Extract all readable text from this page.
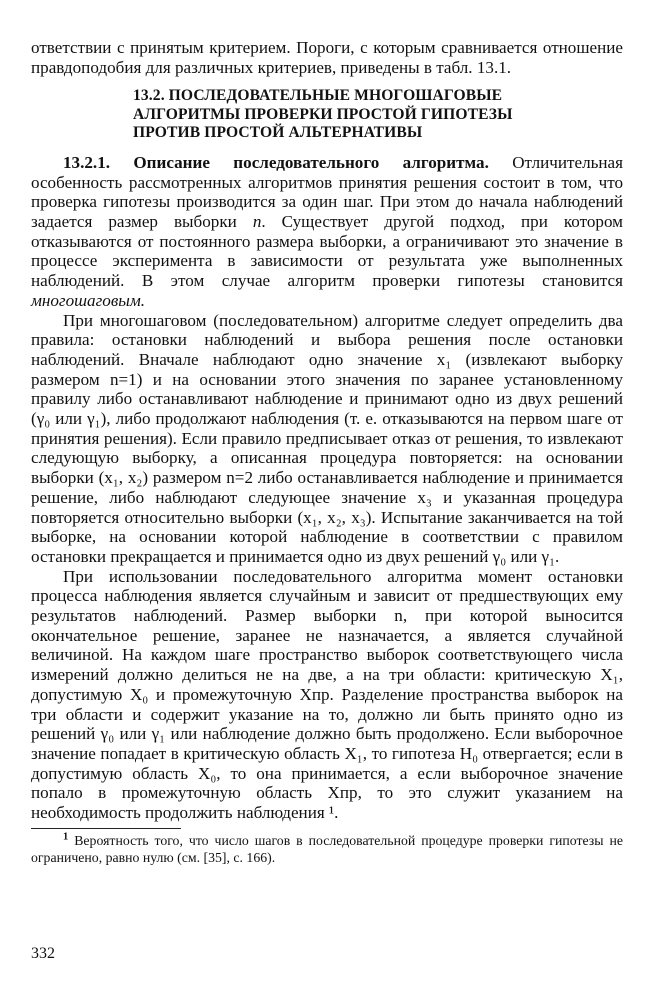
ответствии с принятым критерием. Пороги, с которым сравнивается отношение правдоподобия для различных критериев, приведены в табл. 13.1.

13.2. ПОСЛЕДОВАТЕЛЬНЫЕ МНОГОШАГОВЫЕ
АЛГОРИТМЫ ПРОВЕРКИ ПРОСТОЙ ГИПОТЕЗЫ
ПРОТИВ ПРОСТОЙ АЛЬТЕРНАТИВЫ

13.2.1. Описание последовательного алгоритма. Отличительная особенность рассмотренных алгоритмов принятия решения состоит в том, что проверка гипотезы производится за один шаг. При этом до начала наблюдений задается размер выборки n. Существует другой подход, при котором отказываются от постоянного размера выборки, а ограничивают это значение в процессе эксперимента в зависимости от результата уже выполненных наблюдений. В этом случае алгоритм проверки гипотезы становится многошаговым.

При многошаговом (последовательном) алгоритме следует определить два правила: остановки наблюдений и выбора решения после остановки наблюдений. Вначале наблюдают одно значение x₁ (извлекают выборку размером n=1) и на основании этого значения по заранее установленному правилу либо останавливают наблюдение и принимают одно из двух решений (γ₀ или γ₁), либо продолжают наблюдения (т. е. отказываются на первом шаге от принятия решения). Если правило предписывает отказ от решения, то извлекают следующую выборку, а описанная процедура повторяется: на основании выборки (x₁, x₂) размером n=2 либо останавливается наблюдение и принимается решение, либо наблюдают следующее значение x₃ и указанная процедура повторяется относительно выборки (x₁, x₂, x₃). Испытание заканчивается на той выборке, на основании которой наблюдение в соответствии с правилом остановки прекращается и принимается одно из двух решений γ₀ или γ₁.

При использовании последовательного алгоритма момент остановки процесса наблюдения является случайным и зависит от предшествующих ему результатов наблюдений. Размер выборки n, при которой выносится окончательное решение, заранее не назначается, а является случайной величиной. На каждом шаге пространство выборок соответствующего числа измерений должно делиться не на две, а на три области: критическую X₁, допустимую X₀ и промежуточную Xпр. Разделение пространства выборок на три области и содержит указание на то, должно ли быть принято одно из решений γ₀ или γ₁ или наблюдение должно быть продолжено. Если выборочное значение попадает в критическую область X₁, то гипотеза H₀ отвергается; если в допустимую область X₀, то она принимается, а если выборочное значение попало в промежуточную область Xпр, то это служит указанием на необходимость продолжить наблюдения ¹.

$^1$ Вероятность того, что число шагов в последовательной процедуре проверки гипотезы не ограничено, равно нулю (см. [35], с. 166).

332
